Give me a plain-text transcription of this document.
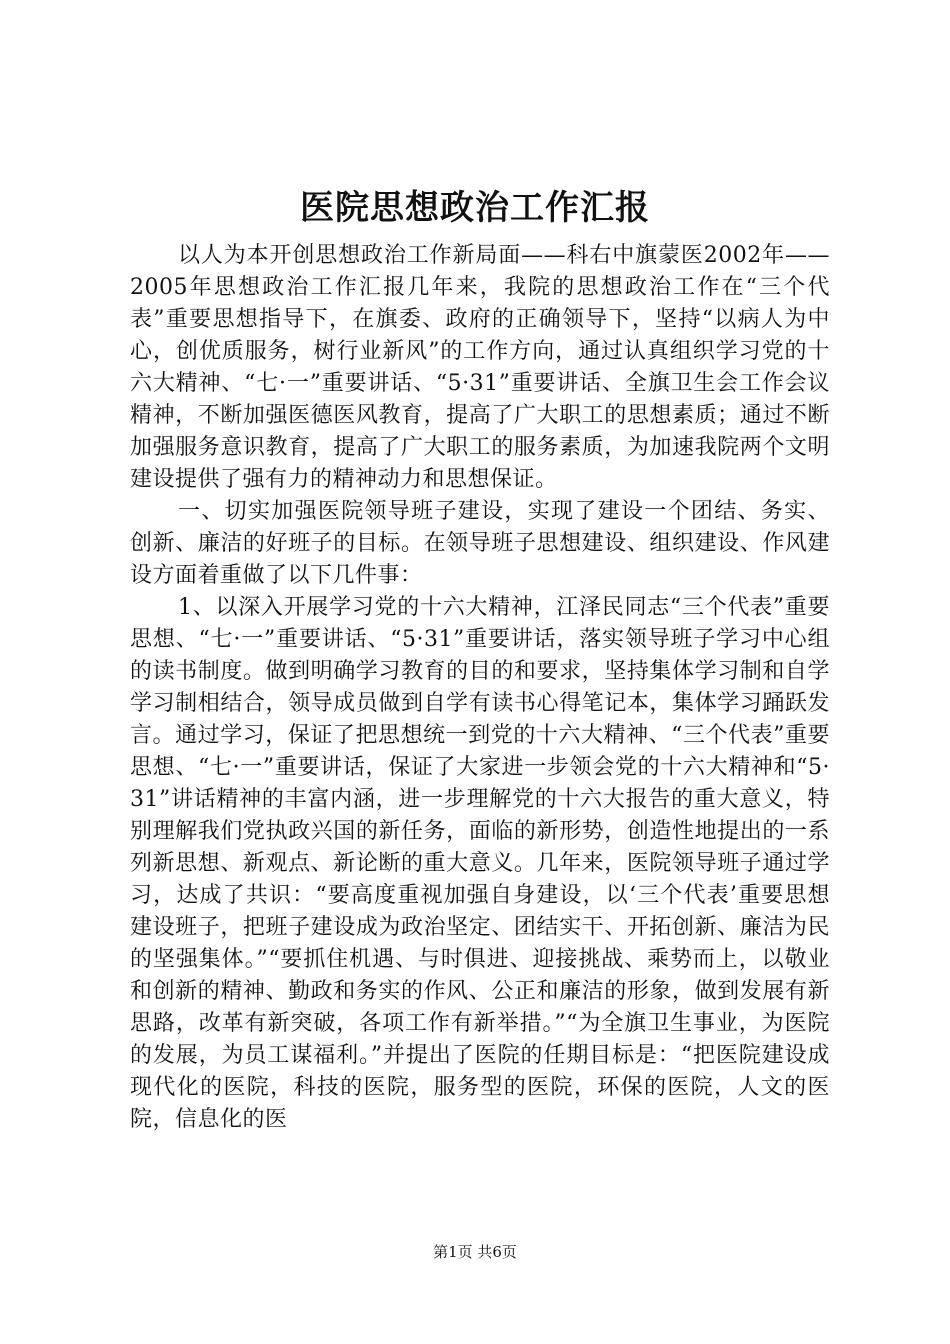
医院思想政治工作汇报

以人为本开创思想政治工作新局面——科右中旗蒙医2002年——2005年思想政治工作汇报几年来，我院的思想政治工作在“三个代表”重要思想指导下，在旗委、政府的正确领导下，坚持“以病人为中心，创优质服务，树行业新风”的工作方向，通过认真组织学习党的十六大精神、“七·一”重要讲话、“5·31”重要讲话、全旗卫生会工作会议精神，不断加强医德医风教育，提高了广大职工的思想素质；通过不断加强服务意识教育，提高了广大职工的服务素质，为加速我院两个文明建设提供了强有力的精神动力和思想保证。

一、切实加强医院领导班子建设，实现了建设一个团结、务实、创新、廉洁的好班子的目标。在领导班子思想建设、组织建设、作风建设方面着重做了以下几件事：

1、以深入开展学习党的十六大精神，江泽民同志“三个代表”重要思想、“七·一”重要讲话、“5·31”重要讲话，落实领导班子学习中心组的读书制度。做到明确学习教育的目的和要求，坚持集体学习制和自学学习制相结合，领导成员做到自学有读书心得笔记本，集体学习踊跃发言。通过学习，保证了把思想统一到党的十六大精神、“三个代表”重要思想、“七·一”重要讲话，保证了大家进一步领会党的十六大精神和“5·31”讲话精神的丰富内涵，进一步理解党的十六大报告的重大意义，特别理解我们党执政兴国的新任务，面临的新形势，创造性地提出的一系列新思想、新观点、新论断的重大意义。几年来，医院领导班子通过学习，达成了共识：“要高度重视加强自身建设，以‘三个代表’重要思想建设班子，把班子建设成为政治坚定、团结实干、开拓创新、廉洁为民的坚强集体。”“要抓住机遇、与时俱进、迎接挑战、乘势而上，以敬业和创新的精神、勤政和务实的作风、公正和廉洁的形象，做到发展有新思路，改革有新突破，各项工作有新举措。”“为全旗卫生事业，为医院的发展，为员工谋福利。”并提出了医院的任期目标是：“把医院建设成现代化的医院，科技的医院，服务型的医院，环保的医院，人文的医院，信息化的医

第1页 共6页
